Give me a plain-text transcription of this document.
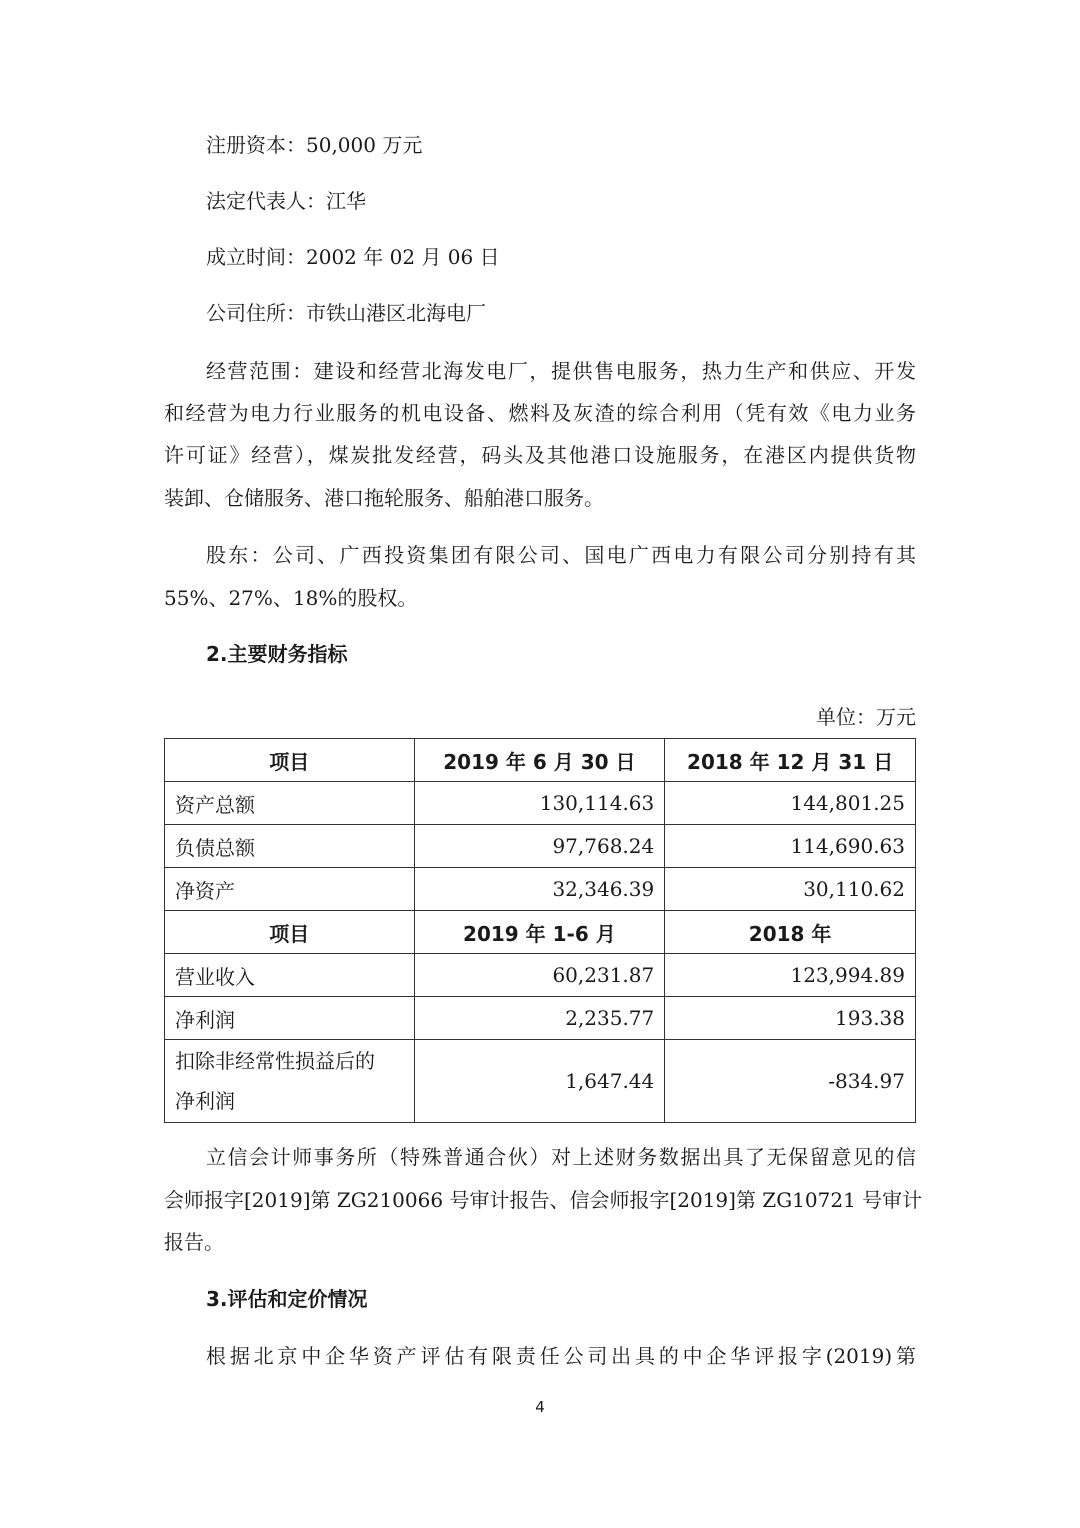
注册资本：50,000 万元
法定代表人：江华
成立时间：2002 年 02 月 06 日
公司住所：市铁山港区北海电厂
经营范围：建设和经营北海发电厂，提供售电服务，热力生产和供应、开发
和经营为电力行业服务的机电设备、燃料及灰渣的综合利用（凭有效《电力业务
许可证》经营），煤炭批发经营，码头及其他港口设施服务，在港区内提供货物
装卸、仓储服务、港口拖轮服务、船舶港口服务。
股东：公司、广西投资集团有限公司、国电广西电力有限公司分别持有其
55%、27%、18%的股权。
2.主要财务指标
单位：万元
项目	2019 年 6 月 30 日	2018 年 12 月 31 日
资产总额	130,114.63	144,801.25
负债总额	97,768.24	114,690.63
净资产	32,346.39	30,110.62
项目	2019 年 1-6 月	2018 年
营业收入	60,231.87	123,994.89
净利润	2,235.77	193.38
扣除非经常性损益后的
净利润	1,647.44	-834.97
立信会计师事务所（特殊普通合伙）对上述财务数据出具了无保留意见的信
会师报字[2019]第 ZG210066 号审计报告、信会师报字[2019]第 ZG10721 号审计
报告。
3.评估和定价情况
根据北京中企华资产评估有限责任公司出具的中企华评报字(2019)第
4
